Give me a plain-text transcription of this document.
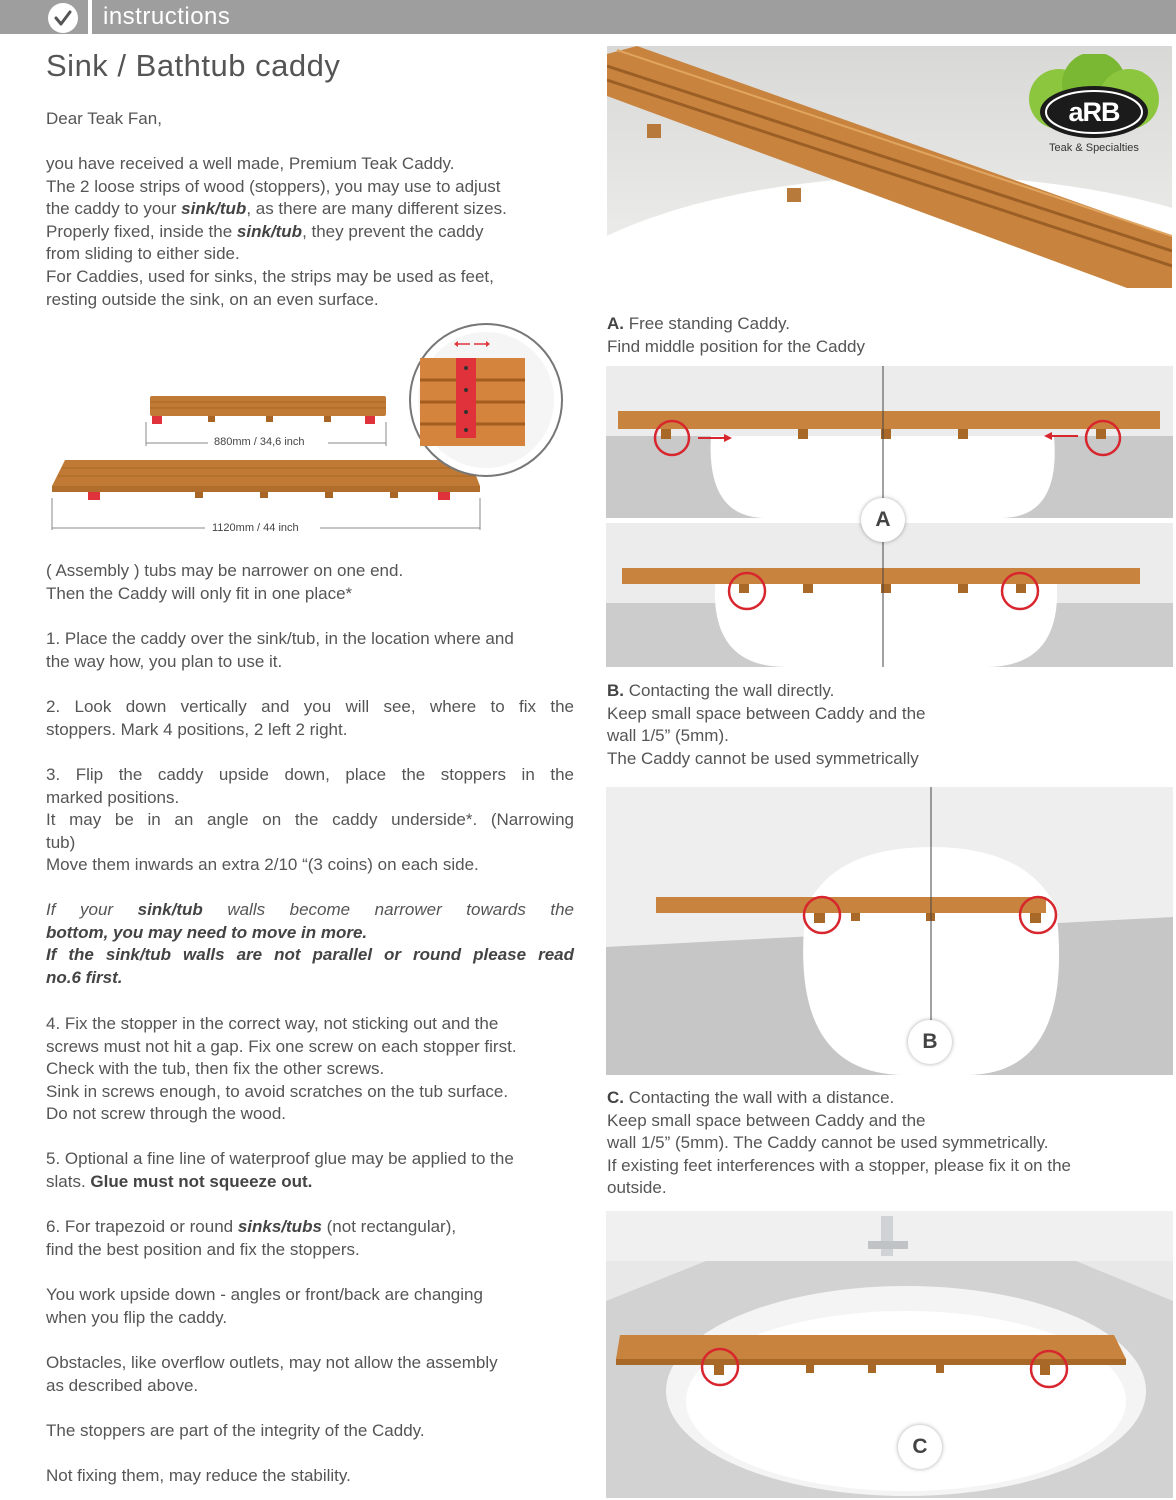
instructions
Sink / Bathtub caddy
Dear Teak Fan,
you have received a well made, Premium Teak Caddy.
The 2 loose strips of wood (stoppers), you may use to adjust
the caddy to your sink/tub, as there are many different sizes.
Properly fixed, inside the sink/tub, they prevent the caddy
from sliding to either side.
For Caddies, used for sinks, the strips may be used as feet,
resting outside the sink, on an even surface.
880mm / 34,6 inch
1120mm / 44 inch
( Assembly ) tubs may be narrower on one end.
Then the Caddy will only fit in one place*
1. Place the caddy over the sink/tub, in the location where and
the way how, you plan to use it.
2. Look down vertically and you will see, where to fix the
stoppers. Mark 4 positions, 2 left 2 right.
3. Flip the caddy upside down, place the stoppers in the
marked positions.
It may be in an angle on the caddy underside*. (Narrowing
tub)
Move them inwards an extra 2/10 “(3 coins) on each side.
If your sink/tub walls become narrower towards the
bottom, you may need to move in more.
If the sink/tub walls are not parallel or round please read
no.6 first.
4. Fix the stopper in the correct way, not sticking out and the
screws must not hit a gap. Fix one screw on each stopper first.
Check with the tub, then fix the other screws.
Sink in screws enough, to avoid scratches on the tub surface.
Do not screw through the wood.
5. Optional a fine line of waterproof glue may be applied to the
slats. Glue must not squeeze out.
6. For trapezoid or round sinks/tubs (not rectangular),
find the best position and fix the stoppers.
You work upside down - angles or front/back are changing
when you flip the caddy.
Obstacles, like overflow outlets, may not allow the assembly
as described above.
The stoppers are part of the integrity of the Caddy.
Not fixing them, may reduce the stability.
aRB
Teak & Specialties
A. Free standing Caddy.
Find middle position for the Caddy
A
B. Contacting the wall directly.
Keep small space between Caddy and the
wall 1/5” (5mm).
The Caddy cannot be used symmetrically
B
C. Contacting the wall with a distance.
Keep small space between Caddy and the
wall 1/5” (5mm). The Caddy cannot be used symmetrically.
If existing feet interferences with a stopper, please fix it on the
outside.
C
